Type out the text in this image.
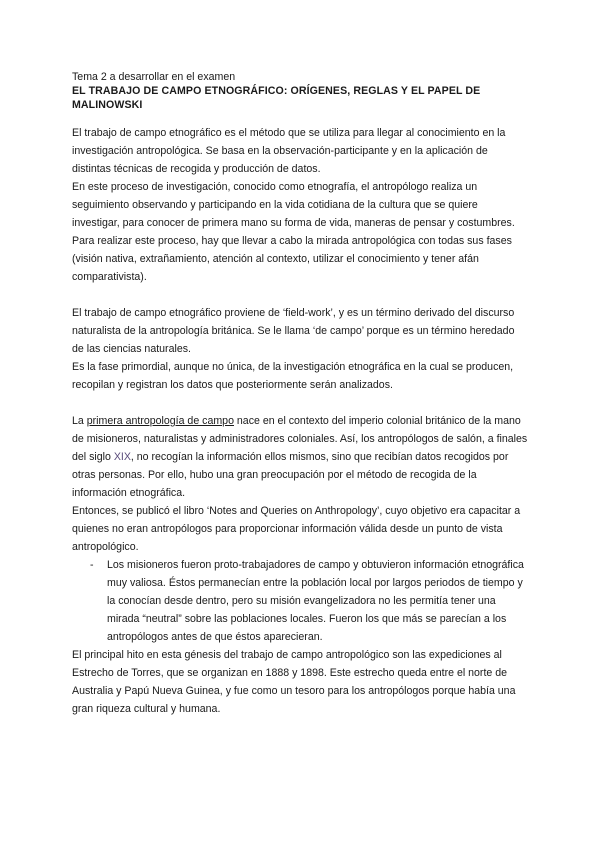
Tema 2 a desarrollar en el examen
EL TRABAJO DE CAMPO ETNOGRÁFICO: ORÍGENES, REGLAS Y EL PAPEL DE MALINOWSKI

El trabajo de campo etnográfico es el método que se utiliza para llegar al conocimiento en la investigación antropológica. Se basa en la observación-participante y en la aplicación de distintas técnicas de recogida y producción de datos.

En este proceso de investigación, conocido como etnografía, el antropólogo realiza un seguimiento observando y participando en la vida cotidiana de la cultura que se quiere investigar, para conocer de primera mano su forma de vida, maneras de pensar y costumbres.

Para realizar este proceso, hay que llevar a cabo la mirada antropológica con todas sus fases (visión nativa, extrañamiento, atención al contexto, utilizar el conocimiento y tener afán comparativista).

El trabajo de campo etnográfico proviene de ‘field-work’, y es un término derivado del discurso naturalista de la antropología británica. Se le llama ‘de campo’ porque es un término heredado de las ciencias naturales.

Es la fase primordial, aunque no única, de la investigación etnográfica en la cual se producen, recopilan y registran los datos que posteriormente serán analizados.

La primera antropología de campo nace en el contexto del imperio colonial británico de la mano de misioneros, naturalistas y administradores coloniales. Así, los antropólogos de salón, a finales del siglo XIX, no recogían la información ellos mismos, sino que recibían datos recogidos por otras personas. Por ello, hubo una gran preocupación por el método de recogida de la información etnográfica.

Entonces, se publicó el libro ‘Notes and Queries on Anthropology’, cuyo objetivo era capacitar a quienes no eran antropólogos para proporcionar información válida desde un punto de vista antropológico.

- Los misioneros fueron proto-trabajadores de campo y obtuvieron información etnográfica muy valiosa. Éstos permanecían entre la población local por largos periodos de tiempo y la conocían desde dentro, pero su misión evangelizadora no les permitía tener una mirada “neutral” sobre las poblaciones locales. Fueron los que más se parecían a los antropólogos antes de que éstos aparecieran.

El principal hito en esta génesis del trabajo de campo antropológico son las expediciones al Estrecho de Torres, que se organizan en 1888 y 1898. Este estrecho queda entre el norte de Australia y Papú Nueva Guinea, y fue como un tesoro para los antropólogos porque había una gran riqueza cultural y humana.
